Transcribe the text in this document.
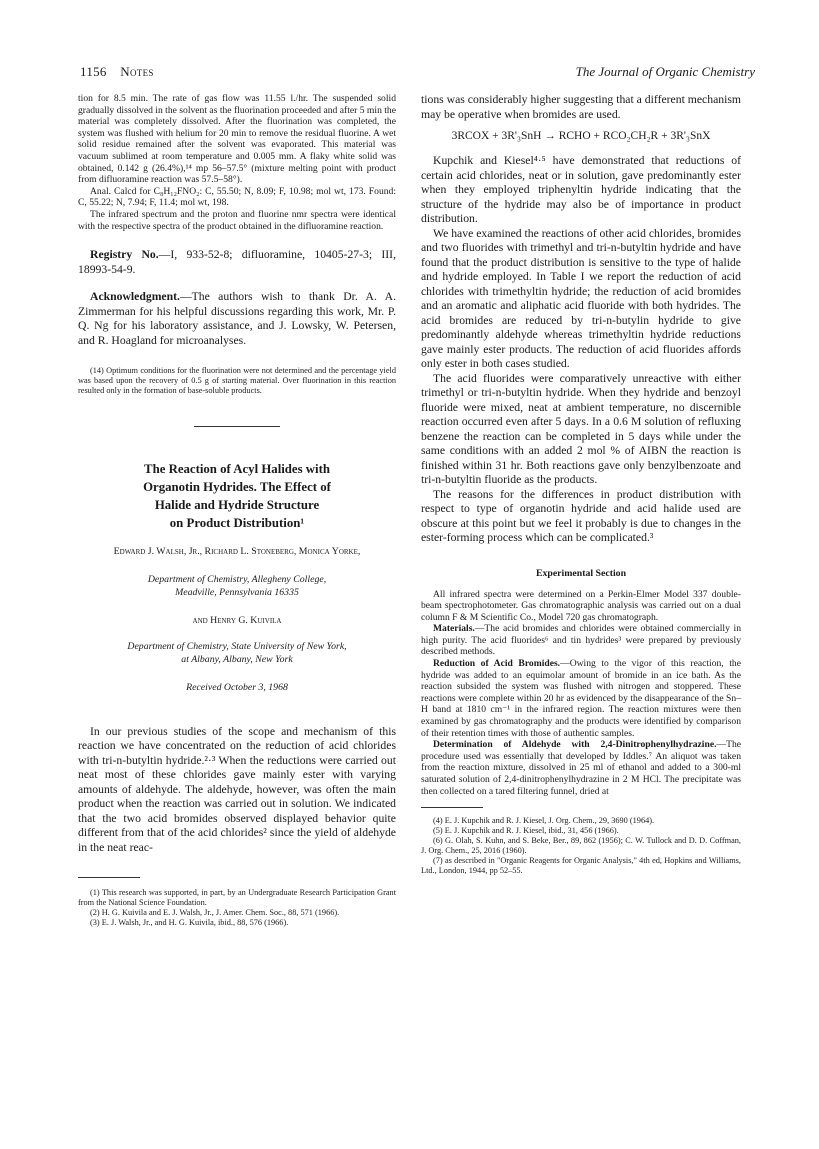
1156 Notes	The Journal of Organic Chemistry

tion for 8.5 min. The rate of gas flow was 11.55 l./hr. The suspended solid gradually dissolved in the solvent as the fluorination proceeded and after 5 min the material was completely dissolved. After the fluorination was completed, the system was flushed with helium for 20 min to remove the residual fluorine. A wet solid residue remained after the solvent was evaporated. This material was vacuum sublimed at room temperature and 0.005 mm. A flaky white solid was obtained, 0.142 g (26.4%),¹⁴ mp 56–57.5° (mixture melting point with product from difluoramine reaction was 57.5–58°).

Anal. Calcd for C₈H₁₂FNO₂: C, 55.50; N, 8.09; F, 10.98; mol wt, 173. Found: C, 55.22; N, 7.94; F, 11.4; mol wt, 198.

The infrared spectrum and the proton and fluorine nmr spectra were identical with the respective spectra of the product obtained in the difluoramine reaction.

Registry No.—I, 933-52-8; difluoramine, 10405-27-3; III, 18993-54-9.

Acknowledgment.—The authors wish to thank Dr. A. A. Zimmerman for his helpful discussions regarding this work, Mr. P. Q. Ng for his laboratory assistance, and J. Lowsky, W. Petersen, and R. Hoagland for microanalyses.

(14) Optimum conditions for the fluorination were not determined and the percentage yield was based upon the recovery of 0.5 g of starting material. Over fluorination in this reaction resulted only in the formation of base-soluble products.

The Reaction of Acyl Halides with
Organotin Hydrides. The Effect of
Halide and Hydride Structure
on Product Distribution¹
Edward J. Walsh, Jr., Richard L. Stoneberg, Monica Yorke,
Department of Chemistry, Allegheny College,
Meadville, Pennsylvania 16335
and Henry G. Kuivila
Department of Chemistry, State University of New York,
at Albany, Albany, New York
Received October 3, 1968

In our previous studies of the scope and mechanism of this reaction we have concentrated on the reduction of acid chlorides with tri-n-butyltin hydride.²·³ When the reductions were carried out neat most of these chlorides gave mainly ester with varying amounts of aldehyde. The aldehyde, however, was often the main product when the reaction was carried out in solution. We indicated that the two acid bromides observed displayed behavior quite different from that of the acid chlorides² since the yield of aldehyde in the neat reac-

(1) This research was supported, in part, by an Undergraduate Research Participation Grant from the National Science Foundation.

(2) H. G. Kuivila and E. J. Walsh, Jr., J. Amer. Chem. Soc., 88, 571 (1966).

(3) E. J. Walsh, Jr., and H. G. Kuivila, ibid., 88, 576 (1966).

tions was considerably higher suggesting that a different mechanism may be operative when bromides are used.

3RCOX + 3R'₃SnH → RCHO + RCO₂CH₂R + 3R'₃SnX

Kupchik and Kiesel⁴·⁵ have demonstrated that reductions of certain acid chlorides, neat or in solution, gave predominantly ester when they employed triphenyltin hydride indicating that the structure of the hydride may also be of importance in product distribution.

We have examined the reactions of other acid chlorides, bromides and two fluorides with trimethyl and tri-n-butyltin hydride and have found that the product distribution is sensitive to the type of halide and hydride employed. In Table I we report the reduction of acid chlorides with trimethyltin hydride; the reduction of acid bromides and an aromatic and aliphatic acid fluoride with both hydrides. The acid bromides are reduced by tri-n-butylin hydride to give predominantly aldehyde whereas trimethyltin hydride reductions gave mainly ester products. The reduction of acid fluorides affords only ester in both cases studied.

The acid fluorides were comparatively unreactive with either trimethyl or tri-n-butyltin hydride. When they hydride and benzoyl fluoride were mixed, neat at ambient temperature, no discernible reaction occurred even after 5 days. In a 0.6 M solution of refluxing benzene the reaction can be completed in 5 days while under the same conditions with an added 2 mol % of AIBN the reaction is finished within 31 hr. Both reactions gave only benzylbenzoate and tri-n-butyltin fluoride as the products.

The reasons for the differences in product distribution with respect to type of organotin hydride and acid halide used are obscure at this point but we feel it probably is due to changes in the ester-forming process which can be complicated.³

Experimental Section

All infrared spectra were determined on a Perkin-Elmer Model 337 double-beam spectrophotometer. Gas chromatographic analysis was carried out on a dual column F & M Scientific Co., Model 720 gas chromatograph.

Materials.—The acid bromides and chlorides were obtained commercially in high purity. The acid fluorides⁶ and tin hydrides³ were prepared by previously described methods.

Reduction of Acid Bromides.—Owing to the vigor of this reaction, the hydride was added to an equimolar amount of bromide in an ice bath. As the reaction subsided the system was flushed with nitrogen and stoppered. These reactions were complete within 20 hr as evidenced by the disappearance of the Sn–H band at 1810 cm⁻¹ in the infrared region. The reaction mixtures were then examined by gas chromatography and the products were identified by comparison of their retention times with those of authentic samples.

Determination of Aldehyde with 2,4-Dinitrophenylhydrazine.—The procedure used was essentially that developed by Iddles.⁷ An aliquot was taken from the reaction mixture, dissolved in 25 ml of ethanol and added to a 300-ml saturated solution of 2,4-dinitrophenylhydrazine in 2 M HCl. The precipitate was then collected on a tared filtering funnel, dried at

(4) E. J. Kupchik and R. J. Kiesel, J. Org. Chem., 29, 3690 (1964).

(5) E. J. Kupchik and R. J. Kiesel, ibid., 31, 456 (1966).

(6) G. Olah, S. Kuhn, and S. Beke, Ber., 89, 862 (1956); C. W. Tullock and D. D. Coffman, J. Org. Chem., 25, 2016 (1960).

(7) as described in "Organic Reagents for Organic Analysis," 4th ed, Hopkins and Williams, Ltd., London, 1944, pp 52–55.
